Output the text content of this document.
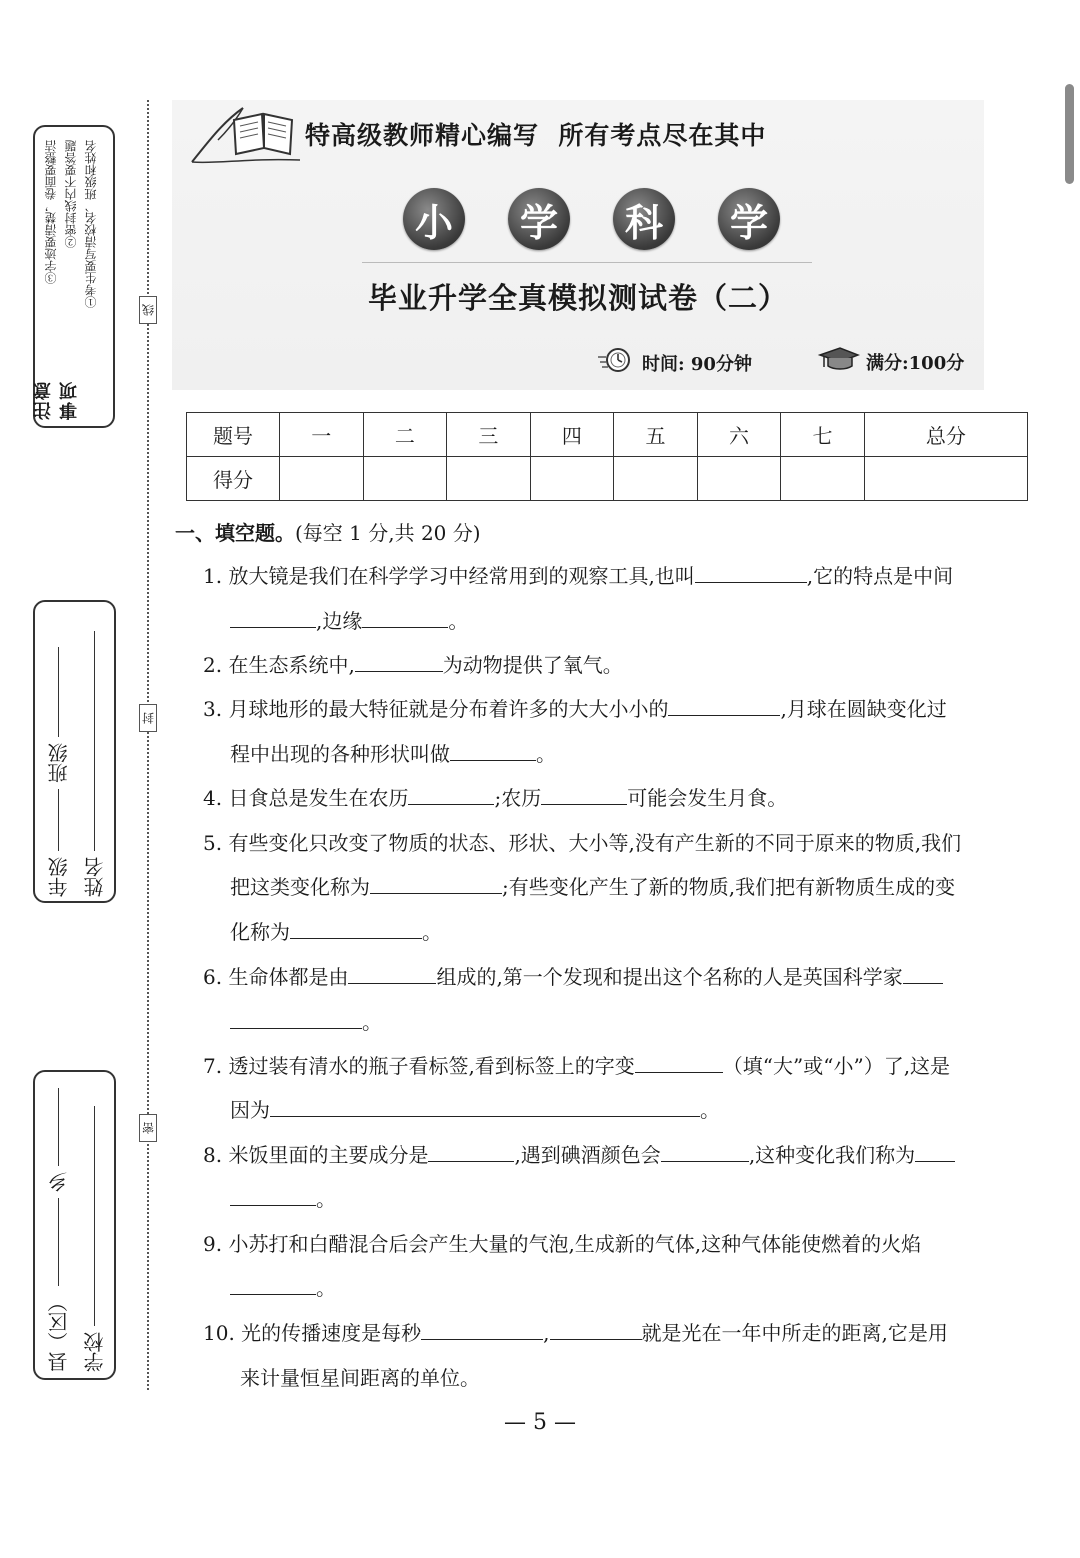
注意事项
①考生要写清校名、班级和姓名
②密封线内不要答题
③字迹要清楚，卷面要整洁
年级
班级
姓名
县（区）
乡
学校
线
封
密
特高级教师精心编写  所有考点尽在其中
小	学	科	学
毕业升学全真模拟测试卷（二）
时间: 90分钟	满分:100分
题号	一	二	三	四	五	六	七	总分
得分								
一、填空题。(每空 1 分,共 20 分)
1. 放大镜是我们在科学学习中经常用到的观察工具,也叫	,它的特点是中间
,边缘	。
2. 在生态系统中,	为动物提供了氧气。
3. 月球地形的最大特征就是分布着许多的大大小小的	,月球在圆缺变化过
程中出现的各种形状叫做	。
4. 日食总是发生在农历	;农历	可能会发生月食。
5. 有些变化只改变了物质的状态、形状、大小等,没有产生新的不同于原来的物质,我们
把这类变化称为	;有些变化产生了新的物质,我们把有新物质生成的变
化称为	。
6. 生命体都是由	组成的,第一个发现和提出这个名称的人是英国科学家
。
7. 透过装有清水的瓶子看标签,看到标签上的字变	（填“大”或“小”）了,这是
因为	。
8. 米饭里面的主要成分是	,遇到碘酒颜色会	,这种变化我们称为
。
9. 小苏打和白醋混合后会产生大量的气泡,生成新的气体,这种气体能使燃着的火焰
。
10. 光的传播速度是每秒	,	就是光在一年中所走的距离,它是用
来计量恒星间距离的单位。
— 5 —
